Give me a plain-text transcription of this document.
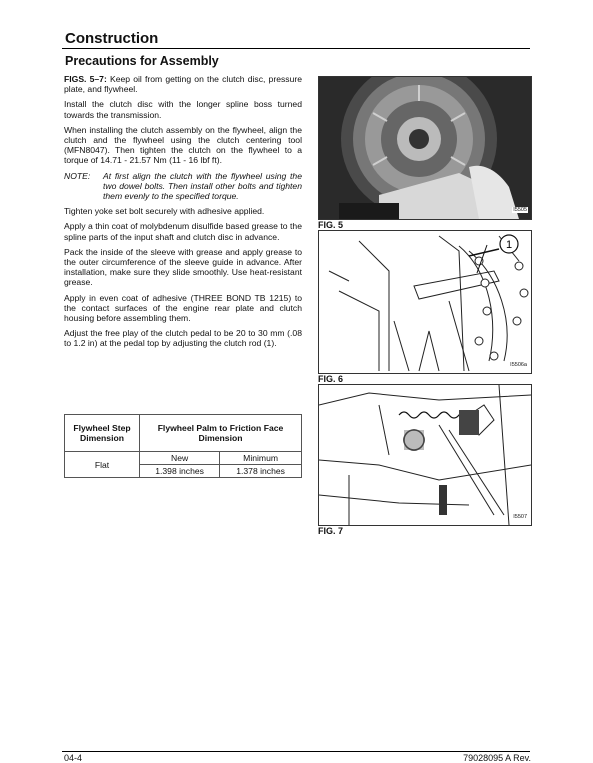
Construction
Precautions for Assembly

FIGS. 5–7: Keep oil from getting on the clutch disc, pressure plate, and flywheel.

Install the clutch disc with the longer spline boss turned towards the transmission.

When installing the clutch assembly on the flywheel, align the clutch and the flywheel using the clutch centering tool (MFN8047). Then tighten the clutch on the flywheel to a torque of 14.71 - 21.57 Nm (11 - 16 lbf ft).

NOTE:	At first align the clutch with the flywheel using the two dowel bolts. Then install other bolts and tighten them evenly to the specified torque.

Tighten yoke set bolt securely with adhesive applied.

Apply a thin coat of molybdenum disulfide based grease to the spline parts of the input shaft and clutch disc in advance.

Pack the inside of the sleeve with grease and apply grease to the outer circumference of the sleeve guide in advance. After installation, make sure they slide smoothly. Use heat-resistant grease.

Apply in even coat of adhesive (THREE BOND TB 1215) to the contact surfaces of the engine rear plate and clutch housing before assembling them.

Adjust the free play of the clutch pedal to be 20 to 30 mm (.08 to 1.2 in) at the pedal top by adjusting the clutch rod (1).

Flywheel Step Dimension	Flywheel Palm to Friction Face Dimension	
Flat	New	Minimum
	1.398 inches	1.378 inches
I5505
FIG. 5
1
I5506a
FIG. 6
I5507
FIG. 7
04-4	79028095 A Rev.
